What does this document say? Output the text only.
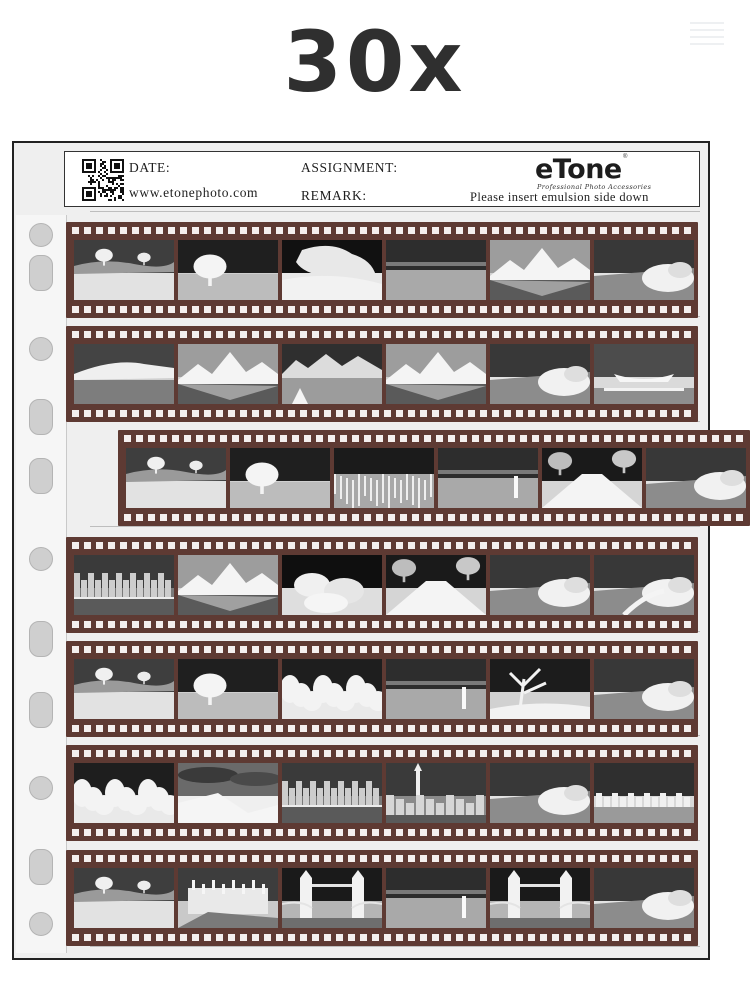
30x
DATE:
www.etonephoto.com
ASSIGNMENT:
REMARK:
eTone ®
Professional Photo Accessories
Please insert emulsion side down
